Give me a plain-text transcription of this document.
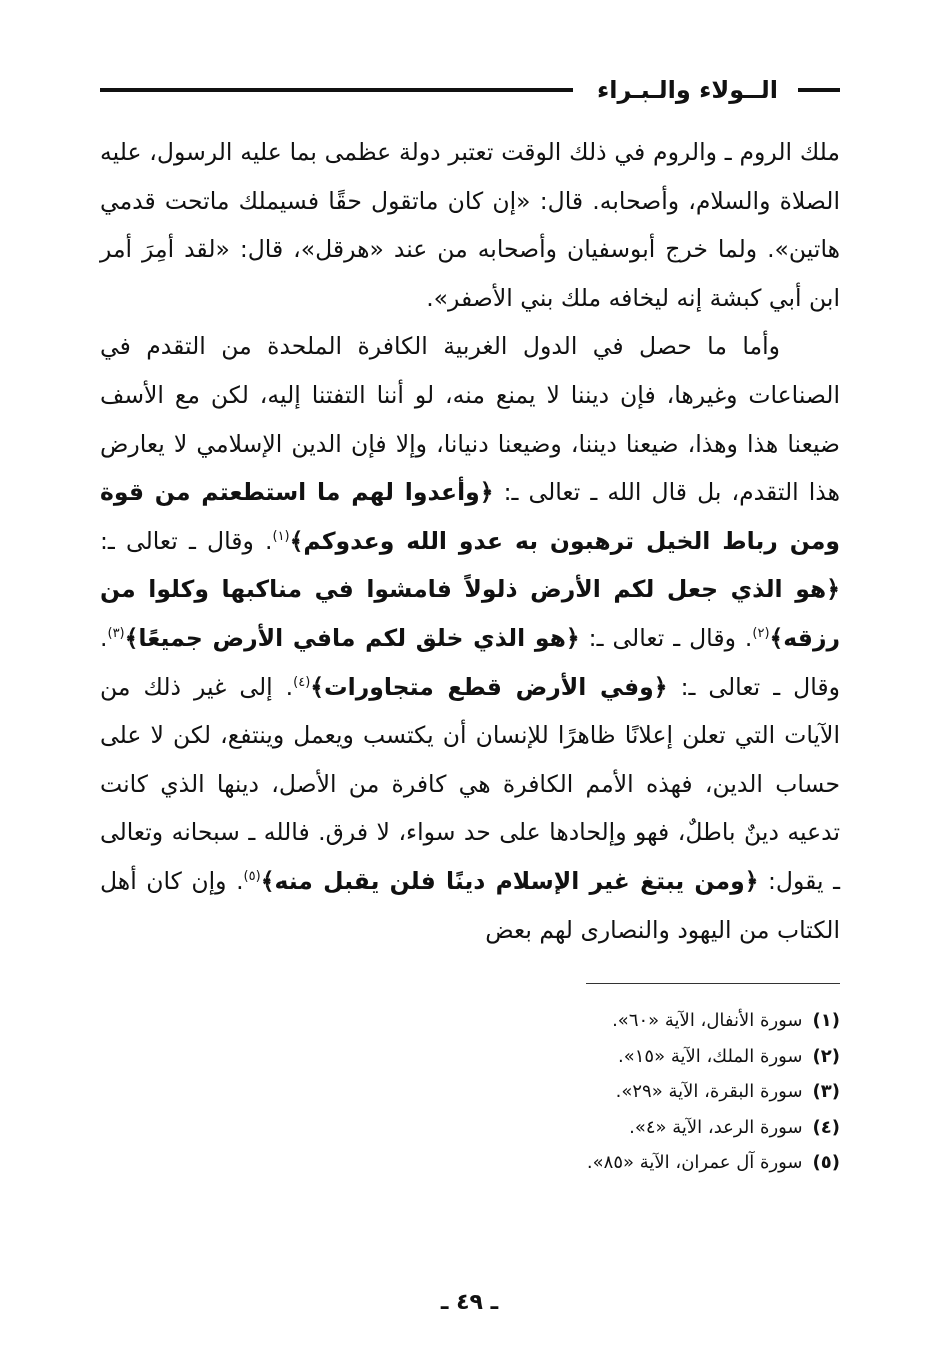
الــولاء والـبـراء

ملك الروم ـ والروم في ذلك الوقت تعتبر دولة عظمى بما عليه الرسول، عليه الصلاة والسلام، وأصحابه. قال: «إن كان ماتقول حقًا فسيملك ماتحت قدمي هاتين». ولما خرج أبوسفيان وأصحابه من عند «هرقل»، قال: «لقد أمِرَ أمر ابن أبي كبشة إنه ليخافه ملك بني الأصفر».

وأما ما حصل في الدول الغربية الكافرة الملحدة من التقدم في الصناعات وغيرها، فإن ديننا لا يمنع منه، لو أننا التفتنا إليه، لكن مع الأسف ضيعنا هذا وهذا، ضيعنا ديننا، وضيعنا دنيانا، وإلا فإن الدين الإسلامي لا يعارض هذا التقدم، بل قال الله ـ تعالى ـ: ﴿وأعدوا لهم ما استطعتم من قوة ومن رباط الخيل ترهبون به عدو الله وعدوكم﴾$^{(١)}$. وقال ـ تعالى ـ: ﴿هو الذي جعل لكم الأرض ذلولاً فامشوا في مناكبها وكلوا من رزقه﴾$^{(٢)}$. وقال ـ تعالى ـ: ﴿هو الذي خلق لكم مافي الأرض جميعًا﴾$^{(٣)}$. وقال ـ تعالى ـ: ﴿وفي الأرض قطع متجاورات﴾$^{(٤)}$. إلى غير ذلك من الآيات التي تعلن إعلانًا ظاهرًا للإنسان أن يكتسب ويعمل وينتفع، لكن لا على حساب الدين، فهذه الأمم الكافرة هي كافرة من الأصل، دينها الذي كانت تدعيه دينٌ باطلٌ، فهو وإلحادها على حد سواء، لا فرق. فالله ـ سبحانه وتعالى ـ يقول: ﴿ومن يبتغ غير الإسلام دينًا فلن يقبل منه﴾$^{(٥)}$. وإن كان أهل الكتاب من اليهود والنصارى لهم بعض

(١)
سورة الأنفال، الآية «٦٠».
(٢)
سورة الملك، الآية «١٥».
(٣)
سورة البقرة، الآية «٢٩».
(٤)
سورة الرعد، الآية «٤».
(٥)
سورة آل عمران، الآية «٨٥».
ـ ٤٩ ـ
